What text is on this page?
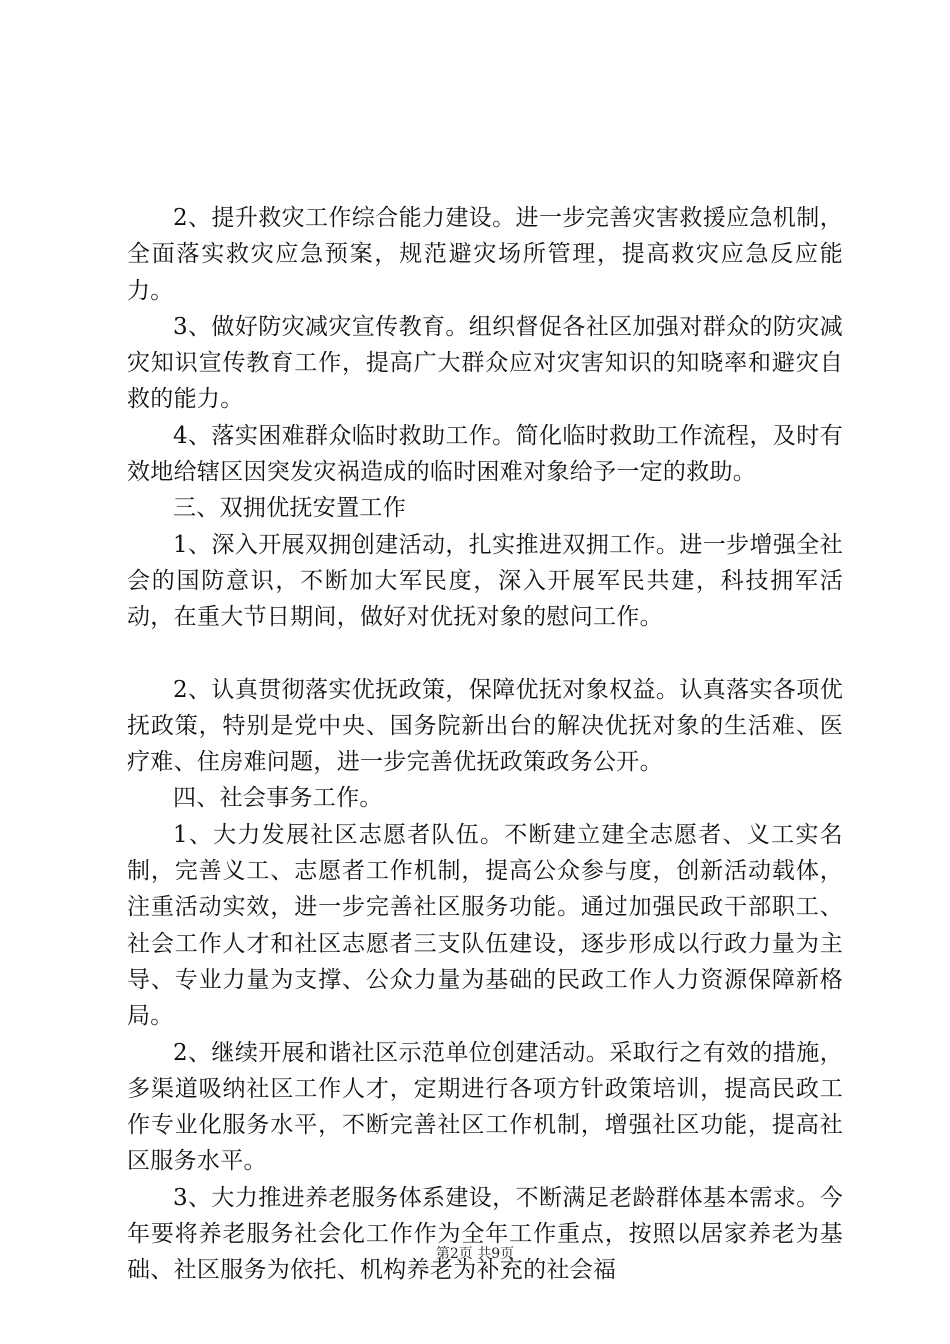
2、提升救灾工作综合能力建设。进一步完善灾害救援应急机制，全面落实救灾应急预案，规范避灾场所管理，提高救灾应急反应能力。

3、做好防灾减灾宣传教育。组织督促各社区加强对群众的防灾减灾知识宣传教育工作，提高广大群众应对灾害知识的知晓率和避灾自救的能力。

4、落实困难群众临时救助工作。简化临时救助工作流程，及时有效地给辖区因突发灾祸造成的临时困难对象给予一定的救助。

三、双拥优抚安置工作

1、深入开展双拥创建活动，扎实推进双拥工作。进一步增强全社会的国防意识，不断加大军民度，深入开展军民共建，科技拥军活动，在重大节日期间，做好对优抚对象的慰问工作。

2、认真贯彻落实优抚政策，保障优抚对象权益。认真落实各项优抚政策，特别是党中央、国务院新出台的解决优抚对象的生活难、医疗难、住房难问题，进一步完善优抚政策政务公开。

四、社会事务工作。

1、大力发展社区志愿者队伍。不断建立建全志愿者、义工实名制，完善义工、志愿者工作机制，提高公众参与度，创新活动载体，注重活动实效，进一步完善社区服务功能。通过加强民政干部职工、社会工作人才和社区志愿者三支队伍建设，逐步形成以行政力量为主导、专业力量为支撑、公众力量为基础的民政工作人力资源保障新格局。

2、继续开展和谐社区示范单位创建活动。采取行之有效的措施，多渠道吸纳社区工作人才，定期进行各项方针政策培训，提高民政工作专业化服务水平，不断完善社区工作机制，增强社区功能，提高社区服务水平。

3、大力推进养老服务体系建设，不断满足老龄群体基本需求。今年要将养老服务社会化工作作为全年工作重点，按照以居家养老为基础、社区服务为依托、机构养老为补充的社会福

第2页 共9页
